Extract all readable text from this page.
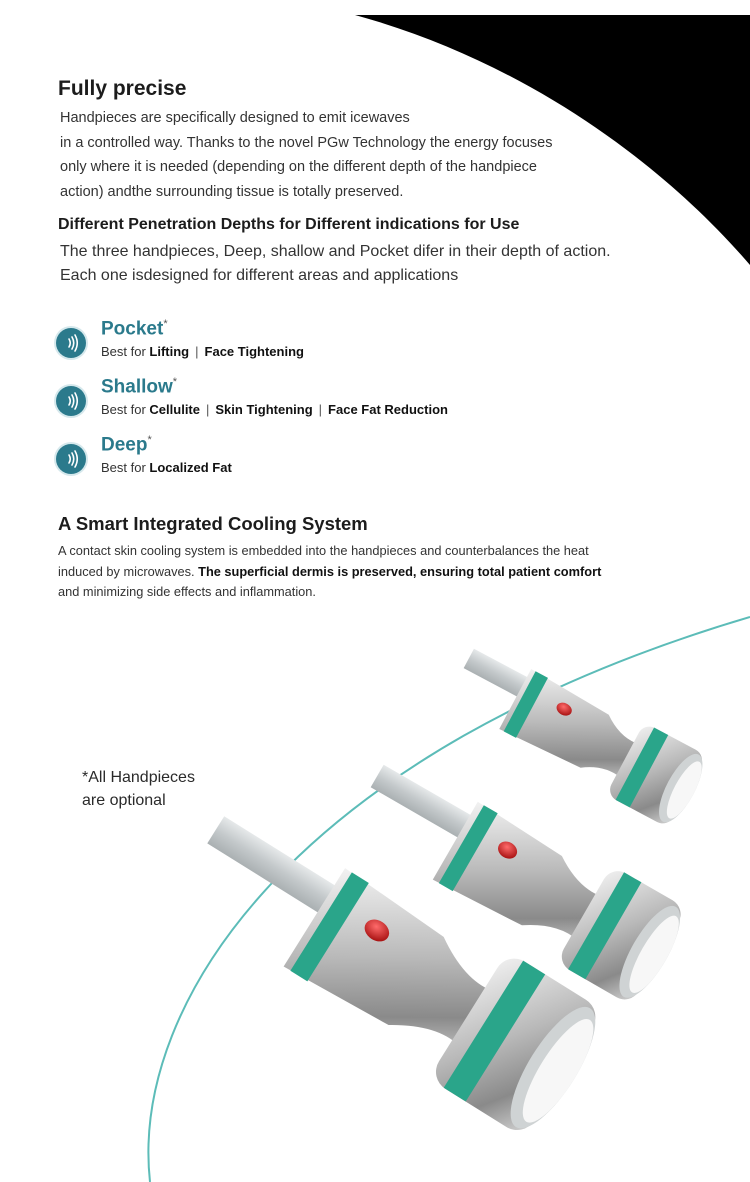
Fully precise

Handpieces are specifically designed to emit icewaves
in a controlled way. Thanks to the novel PGw Technology the energy focuses
only where it is needed (depending on the different depth of the handpiece
action) andthe surrounding tissue is totally preserved.

Different Penetration Depths for Different indications for Use

The three handpieces, Deep, shallow and Pocket difer in their depth of action.
Each one isdesigned for different areas and applications

Pocket*
Best for Lifting | Face Tightening
Shallow*
Best for Cellulite | Skin Tightening | Face Fat Reduction
Deep*
Best for Localized Fat
A Smart Integrated Cooling System

A contact skin cooling system is embedded into the handpieces and counterbalances the heat
induced by microwaves. The superficial dermis is preserved, ensuring total patient comfort
and minimizing side effects and inflammation.

*All Handpieces
are optional
